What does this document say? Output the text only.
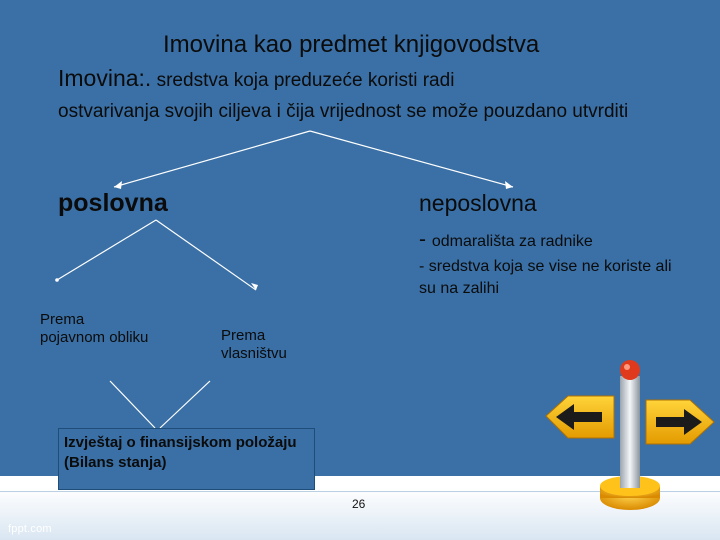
Imovina kao predmet knjigovodstva
Imovina:. sredstva koja preduzeće koristi radi
ostvarivanja svojih ciljeva i čija vrijednost se može pouzdano utvrditi
poslovna	neposlovna
- odmarališta za radnike
- sredstva koja se vise ne koriste ali su na zalihi
Prema pojavnom obliku	Prema vlasništvu
Izvještaj o finansijskom položaju (Bilans stanja)
26
fppt.com
